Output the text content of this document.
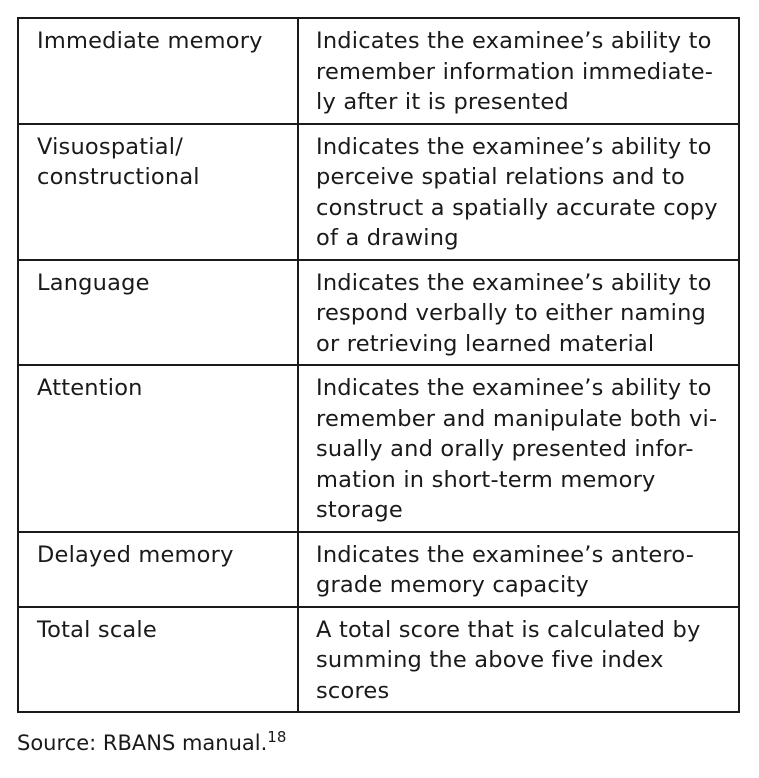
Immediate memory	Indicates the examinee’s ability to
remember information immediate-
ly after it is presented
Visuospatial/
constructional	Indicates the examinee’s ability to
perceive spatial relations and to
construct a spatially accurate copy
of a drawing
Language	Indicates the examinee’s ability to
respond verbally to either naming
or retrieving learned material
Attention	Indicates the examinee’s ability to
remember and manipulate both vi-
sually and orally presented infor-
mation in short-term memory
storage
Delayed memory	Indicates the examinee’s antero-
grade memory capacity
Total scale	A total score that is calculated by
summing the above five index
scores
Source: RBANS manual.$^{18}$
